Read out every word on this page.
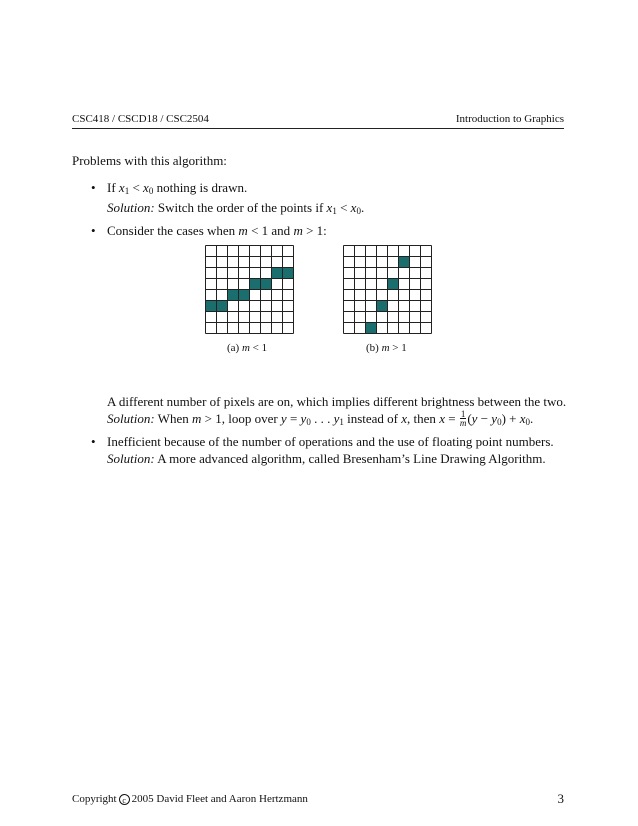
CSC418 / CSCD18 / CSC2504	Introduction to Graphics
Problems with this algorithm:
• If $x_1 < x_0$ nothing is drawn.
Solution: Switch the order of the points if $x_1 < x_0$.
• Consider the cases when m < 1 and m > 1:
(a) m < 1	(b) m > 1
A different number of pixels are on, which implies different brightness between the two.
Solution: When m > 1, loop over $y = y_0$ . . . $y_1$ instead of x, then $x = \frac{1}{m} (y - y_0) + x_0$.
• Inefficient because of the number of operations and the use of floating point numbers.
Solution: A more advanced algorithm, called Bresenham’s Line Drawing Algorithm.
Copyright c 2005 David Fleet and Aaron Hertzmann	3
